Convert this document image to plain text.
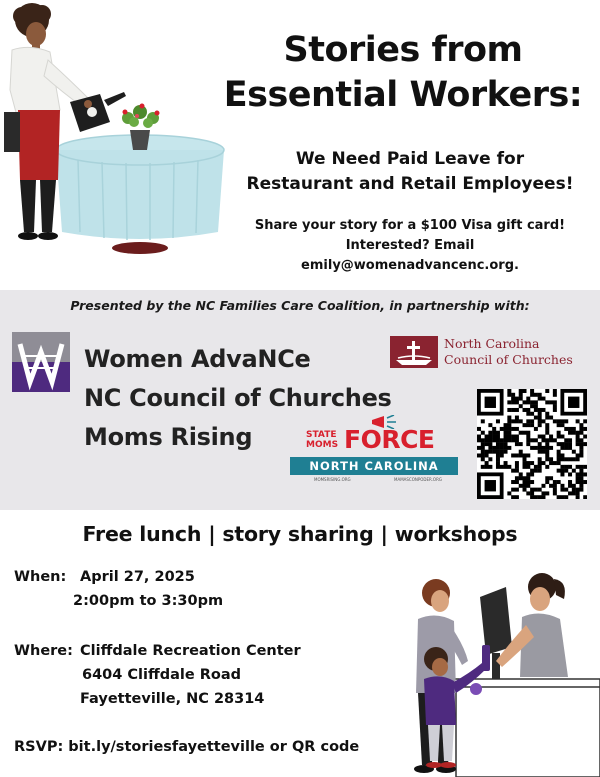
Stories from
Essential Workers:
We Need Paid Leave for
Restaurant and Retail Employees!
Share your story for a $100 Visa gift card!
Interested? Email
emily@womenadvancenc.org.
Presented by the NC Families Care Coalition, in partnership with:
Women AdvaNCe
NC Council of Churches
Moms Rising
North Carolina
Council of Churches
STATE
MOMS FORCE
NORTH CAROLINA
MOMSRISING.ORG	MAMASCONPODER.ORG
Free lunch | story sharing | workshops
When: April 27, 2025
2:00pm to 3:30pm
Where: Cliffdale Recreation Center
6404 Cliffdale Road
Fayetteville, NC 28314
RSVP: bit.ly/storiesfayetteville or QR code
